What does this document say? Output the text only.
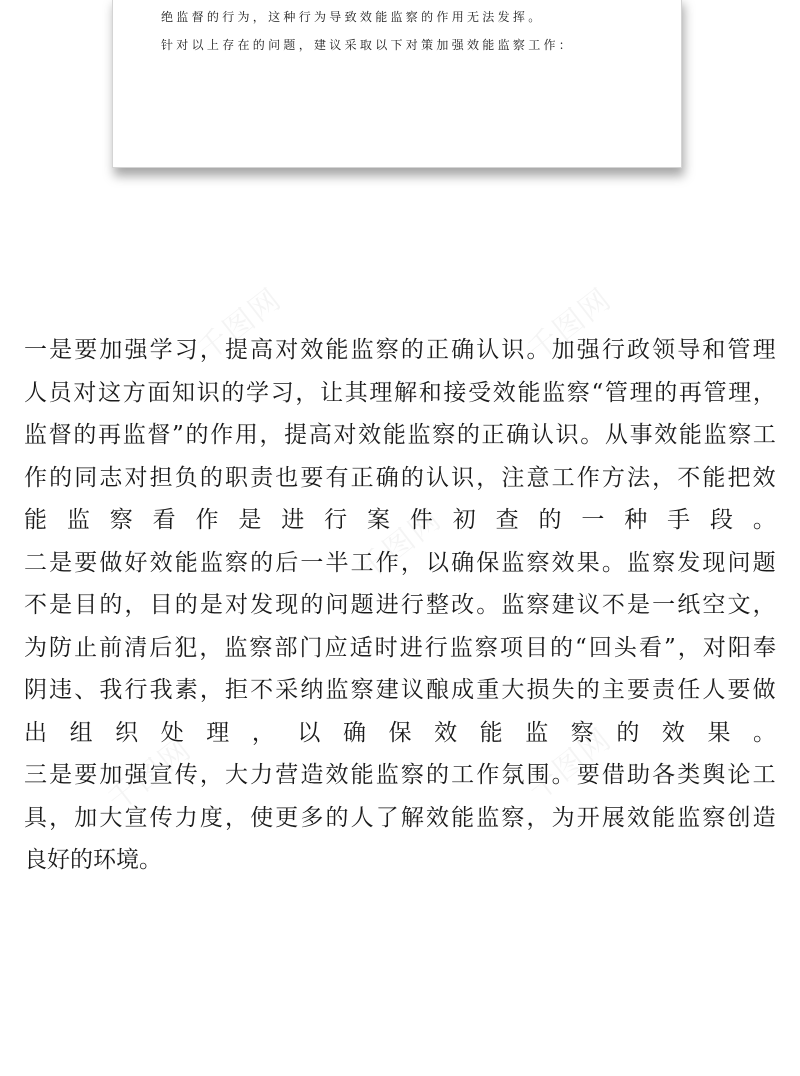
绝监督的行为，这种行为导致效能监察的作用无法发挥。
针对以上存在的问题，建议采取以下对策加强效能监察工作：
一 是 要 加 强 学 习 ， 提 高 对 效 能 监 察 的 正 确 认 识 。 加 强 行 政 领 导 和 管 理
人 员 对 这 方 面 知 识 的 学 习 ， 让 其 理 解 和 接 受 效 能 监 察 “ 管 理 的 再 管 理 ，
监 督 的 再 监 督 ” 的 作 用 ， 提 高 对 效 能 监 察 的 正 确 认 识 。 从 事 效 能 监 察 工
作 的 同 志 对 担 负 的 职 责 也 要 有 正 确 的 认 识 ， 注 意 工 作 方 法 ， 不 能 把 效
能 监 察 看 作 是 进 行 案 件 初 查 的 一 种 手 段 。
二 是 要 做 好 效 能 监 察 的 后 一 半 工 作 ， 以 确 保 监 察 效 果 。 监 察 发 现 问 题
不 是 目 的 ， 目 的 是 对 发 现 的 问 题 进 行 整 改 。 监 察 建 议 不 是 一 纸 空 文 ，
为 防 止 前 清 后 犯 ， 监 察 部 门 应 适 时 进 行 监 察 项 目 的 “ 回 头 看 ” ， 对 阳 奉
阴 违 、 我 行 我 素 ， 拒 不 采 纳 监 察 建 议 酿 成 重 大 损 失 的 主 要 责 任 人 要 做
出 组 织 处 理 ， 以 确 保 效 能 监 察 的 效 果 。
三 是 要 加 强 宣 传 ， 大 力 营 造 效 能 监 察 的 工 作 氛 围 。 要 借 助 各 类 舆 论 工
具 ， 加 大 宣 传 力 度 ， 使 更 多 的 人 了 解 效 能 监 察 ， 为 开 展 效 能 监 察 创 造
良 好 的 环 境 。
